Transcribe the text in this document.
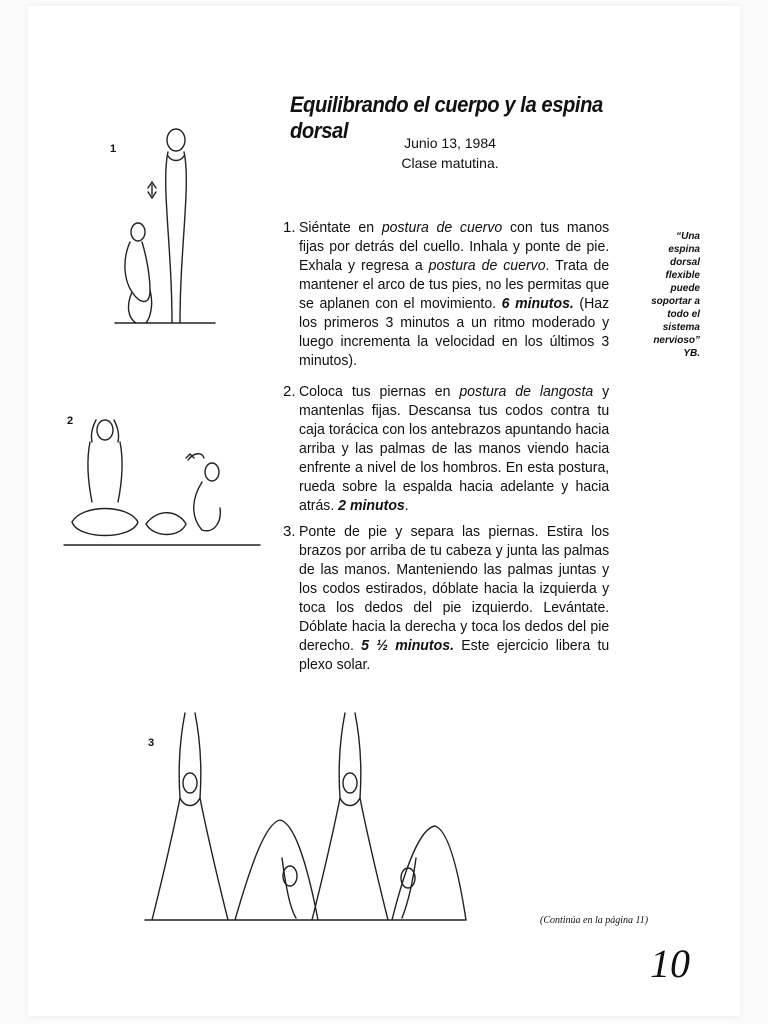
Equilibrando el cuerpo y la espina dorsal	Junio 13, 1984
Clase matutina.
1. Siéntate en postura de cuervo con tus manos fijas por detrás del cuello. Inhala y ponte de pie. Exhala y regresa a postura de cuervo. Trata de mantener el arco de tus pies, no les permitas que se aplanen con el movimiento. 6 minutos. (Haz los primeros 3 minutos a un ritmo moderado y luego incrementa la velocidad en los últimos 3 minutos).
2. Coloca tus piernas en postura de langosta y mantenlas fijas. Descansa tus codos contra tu caja torácica con los antebrazos apuntando hacia arriba y las palmas de las manos viendo hacia enfrente a nivel de los hombros. En esta postura, rueda sobre la espalda hacia adelante y hacia atrás. 2 minutos.
3. Ponte de pie y separa las piernas. Estira los brazos por arriba de tu cabeza y junta las palmas de las manos. Manteniendo las palmas juntas y los codos estirados, dóblate hacia la izquierda y toca los dedos del pie izquierdo. Levántate. Dóblate hacia la derecha y toca los dedos del pie derecho. 5 ½ minutos. Este ejercicio libera tu plexo solar.
“Una espina dorsal flexible puede soportar a todo el sistema nervioso”
YB.
1
2
3
(Continúa en la página 11)
10
